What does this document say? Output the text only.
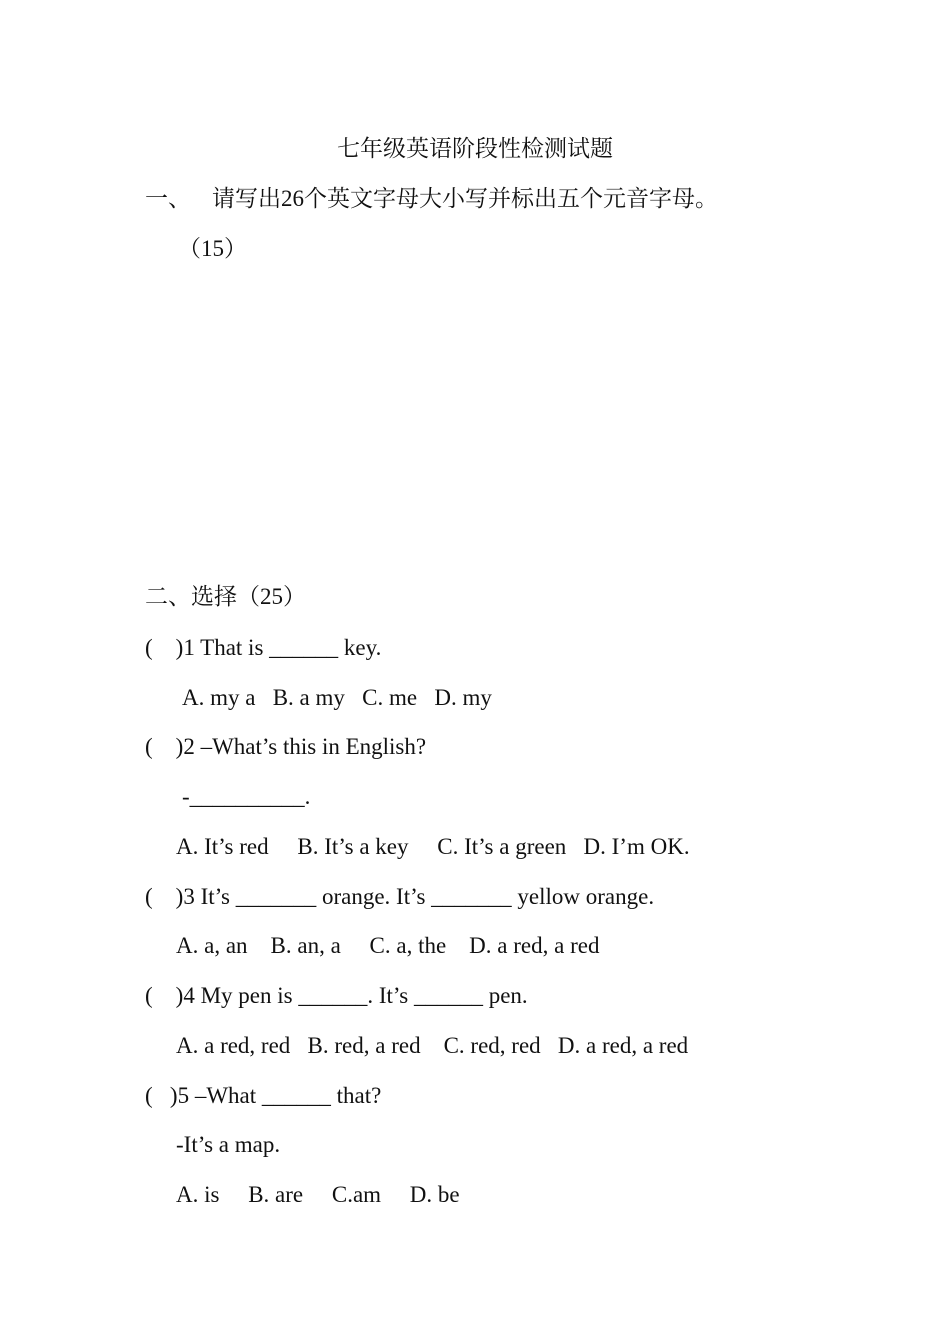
七年级英语阶段性检测试题

一、 请写出26个英文字母大小写并标出五个元音字母。

（15）

二、选择（25）

(    )1 That is ______ key.

A. my a   B. a my   C. me   D. my

(    )2 –What’s this in English?

-__________.

A. It’s red     B. It’s a key     C. It’s a green   D. I’m OK.

(    )3 It’s _______ orange. It’s _______ yellow orange.

A. a, an    B. an, a     C. a, the    D. a red, a red

(    )4 My pen is ______. It’s ______ pen.

A. a red, red   B. red, a red    C. red, red   D. a red, a red

(   )5 –What ______ that?

-It’s a map.

A. is     B. are     C.am     D. be
